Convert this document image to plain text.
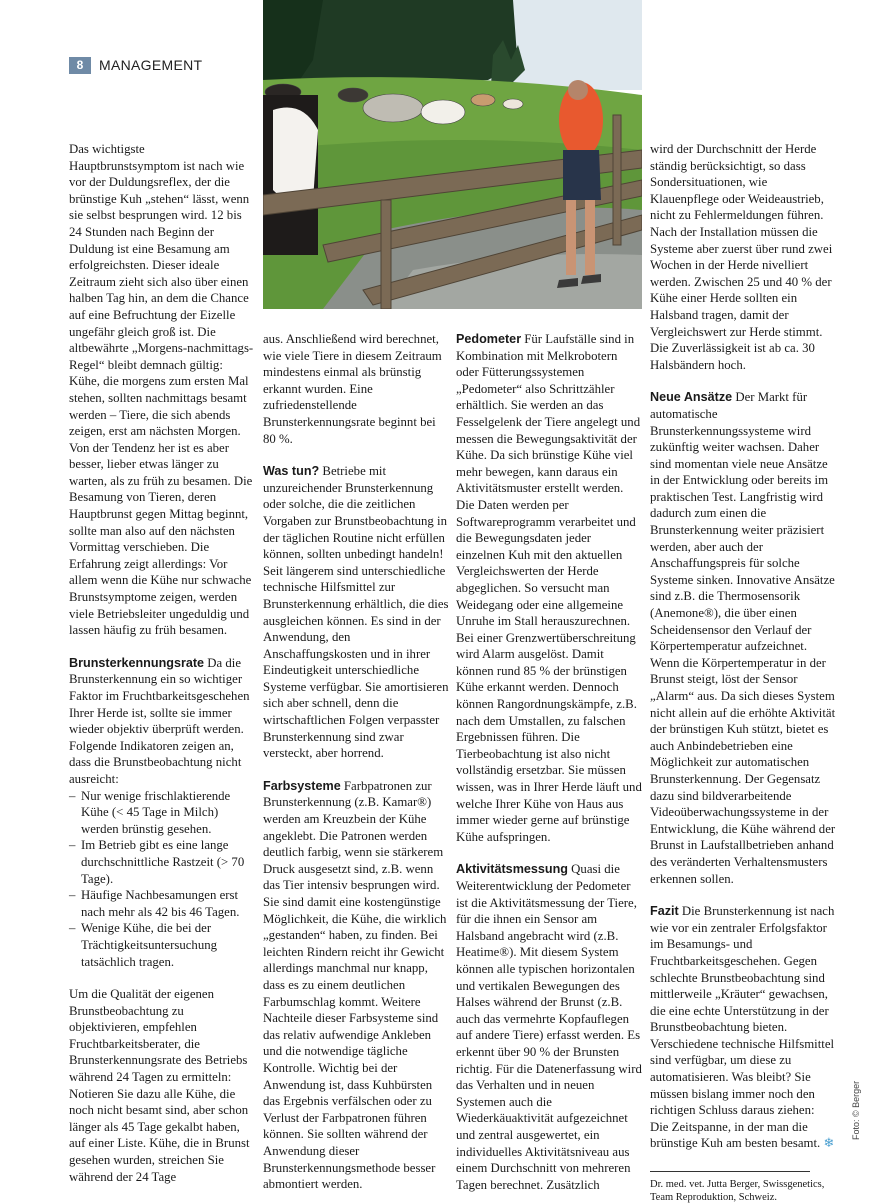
8	MANAGEMENT

Das wichtigste Hauptbrunstsymptom ist nach wie vor der Duldungsreflex, der die brünstige Kuh „stehen“ lässt, wenn sie selbst besprungen wird. 12 bis 24 Stunden nach Beginn der Duldung ist eine Besamung am erfolgreichsten. Dieser ideale Zeitraum zieht sich also über einen halben Tag hin, an dem die Chance auf eine Befruchtung der Eizelle ungefähr gleich groß ist. Die altbewährte „Morgens-nachmittags-Regel“ bleibt demnach gültig: Kühe, die morgens zum ersten Mal stehen, sollten nachmittags besamt werden – Tiere, die sich abends zeigen, erst am nächsten Morgen. Von der Tendenz her ist es aber besser, lieber etwas länger zu warten, als zu früh zu besamen. Die Besamung von Tieren, deren Hauptbrunst gegen Mittag beginnt, sollte man also auf den nächsten Vormittag verschieben. Die Erfahrung zeigt allerdings: Vor allem wenn die Kühe nur schwache Brunstsymptome zeigen, werden viele Betriebsleiter ungeduldig und lassen häufig zu früh besamen.

Brunsterkennungsrate Da die Brunsterkennung ein so wichtiger Faktor im Fruchtbarkeitsgeschehen Ihrer Herde ist, sollte sie immer wieder objektiv überprüft werden. Folgende Indikatoren zeigen an, dass die Brunstbeobachtung nicht ausreicht:

– Nur wenige frischlaktierende Kühe (< 45 Tage in Milch) werden brünstig gesehen.
– Im Betrieb gibt es eine lange durchschnittliche Rastzeit (> 70 Tage).
– Häufige Nachbesamungen erst nach mehr als 42 bis 46 Tagen.
– Wenige Kühe, die bei der Trächtigkeitsuntersuchung tatsächlich tragen.

Um die Qualität der eigenen Brunstbeobachtung zu objektivieren, empfehlen Fruchtbarkeitsberater, die Brunsterkennungsrate des Betriebs während 24 Tagen zu ermitteln: Notieren Sie dazu alle Kühe, die noch nicht besamt sind, aber schon länger als 45 Tage gekalbt haben, auf einer Liste. Kühe, die in Brunst gesehen wurden, streichen Sie während der 24 Tage

aus. Anschließend wird berechnet, wie viele Tiere in diesem Zeitraum mindestens einmal als brünstig erkannt wurden. Eine zufriedenstellende Brunsterkennungsrate beginnt bei 80 %.

Was tun? Betriebe mit unzureichender Brunsterkennung oder solche, die die zeitlichen Vorgaben zur Brunstbeobachtung in der täglichen Routine nicht erfüllen können, sollten unbedingt handeln! Seit längerem sind unterschiedliche technische Hilfsmittel zur Brunsterkennung erhältlich, die dies ausgleichen können. Es sind in der Anwendung, den Anschaffungskosten und in ihrer Eindeutigkeit unterschiedliche Systeme verfügbar. Sie amortisieren sich aber schnell, denn die wirtschaftlichen Folgen verpasster Brunsterkennung sind zwar versteckt, aber horrend.

Farbsysteme Farbpatronen zur Brunsterkennung (z.B. Kamar®) werden am Kreuzbein der Kühe angeklebt. Die Patronen werden deutlich farbig, wenn sie stärkerem Druck ausgesetzt sind, z.B. wenn das Tier intensiv besprungen wird. Sie sind damit eine kostengünstige Möglichkeit, die Kühe, die wirklich „gestanden“ haben, zu finden. Bei leichten Rindern reicht ihr Gewicht allerdings manchmal nur knapp, dass es zu einem deutlichen Farbumschlag kommt. Weitere Nachteile dieser Farbsysteme sind das relativ aufwendige Ankleben und die notwendige tägliche Kontrolle. Wichtig bei der Anwendung ist, dass Kuhbürsten das Ergebnis verfälschen oder zu Verlust der Farbpatronen führen können. Sie sollten während der Anwendung dieser Brunsterkennungsmethode besser abmontiert werden.

Pedometer Für Laufställe sind in Kombination mit Melkrobotern oder Fütterungssystemen „Pedometer“ also Schrittzähler erhältlich. Sie werden an das Fesselgelenk der Tiere angelegt und messen die Bewegungsaktivität der Kühe. Da sich brünstige Kühe viel mehr bewegen, kann daraus ein Aktivitätsmuster erstellt werden. Die Daten werden per Softwareprogramm verarbeitet und die Bewegungsdaten jeder einzelnen Kuh mit den aktuellen Vergleichswerten der Herde abgeglichen. So versucht man Weidegang oder eine allgemeine Unruhe im Stall herauszurechnen. Bei einer Grenzwertüberschreitung wird Alarm ausgelöst. Damit können rund 85 % der brünstigen Kühe erkannt werden. Dennoch können Rangordnungskämpfe, z.B. nach dem Umstallen, zu falschen Ergebnissen führen. Die Tierbeobachtung ist also nicht vollständig ersetzbar. Sie müssen wissen, was in Ihrer Herde läuft und welche Ihrer Kühe von Haus aus immer wieder gerne auf brünstige Kühe aufspringen.

Aktivitätsmessung Quasi die Weiterentwicklung der Pedometer ist die Aktivitätsmessung der Tiere, für die ihnen ein Sensor am Halsband angebracht wird (z.B. Heatime®). Mit diesem System können alle typischen horizontalen und vertikalen Bewegungen des Halses während der Brunst (z.B. auch das vermehrte Kopfauflegen auf andere Tiere) erfasst werden. Es erkennt über 90 % der Brunsten richtig. Für die Datenerfassung wird das Verhalten und in neuen Systemen auch die Wiederkäuaktivität aufgezeichnet und zentral ausgewertet, ein individuelles Aktivitätsniveau aus einem Durchschnitt von mehreren Tagen berechnet. Zusätzlich

wird der Durchschnitt der Herde ständig berücksichtigt, so dass Sondersituationen, wie Klauenpflege oder Weideaustrieb, nicht zu Fehlermeldungen führen. Nach der Installation müssen die Systeme aber zuerst über rund zwei Wochen in der Herde nivelliert werden. Zwischen 25 und 40 % der Kühe einer Herde sollten ein Halsband tragen, damit der Vergleichswert zur Herde stimmt. Die Zuverlässigkeit ist ab ca. 30 Halsbändern hoch.

Neue Ansätze Der Markt für automatische Brunsterkennungssysteme wird zukünftig weiter wachsen. Daher sind momentan viele neue Ansätze in der Entwicklung oder bereits im praktischen Test. Langfristig wird dadurch zum einen die Brunsterkennung weiter präzisiert werden, aber auch der Anschaffungspreis für solche Systeme sinken. Innovative Ansätze sind z.B. die Thermosensorik (Anemone®), die über einen Scheidensensor den Verlauf der Körpertemperatur aufzeichnet. Wenn die Körpertemperatur in der Brunst steigt, löst der Sensor „Alarm“ aus. Da sich dieses System nicht allein auf die erhöhte Aktivität der brünstigen Kuh stützt, bietet es auch Anbindebetrieben eine Möglichkeit zur automatischen Brunsterkennung. Der Gegensatz dazu sind bildverarbeitende Videoüberwachungssysteme in der Entwicklung, die Kühe während der Brunst in Laufstallbetrieben anhand des veränderten Verhaltensmusters erkennen sollen.

Fazit Die Brunsterkennung ist nach wie vor ein zentraler Erfolgsfaktor im Besamungs- und Fruchtbarkeitsgeschehen. Gegen schlechte Brunstbeobachtung sind mittlerweile „Kräuter“ gewachsen, die eine echte Unterstützung in der Brunstbeobachtung bieten. Verschiedene technische Hilfsmittel sind verfügbar, um diese zu automatisieren. Was bleibt? Sie müssen bislang immer noch den richtigen Schluss daraus ziehen: Die Zeitspanne, in der man die brünstige Kuh am besten besamt. ❄

Dr. med. vet. Jutta Berger, Swissgenetics, Team Reproduktion, Schweiz.
Foto: © Berger
